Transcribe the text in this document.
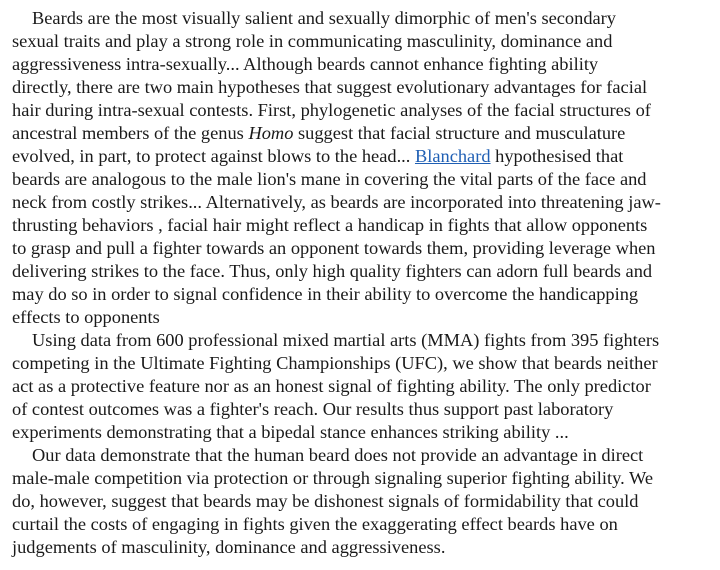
Beards are the most visually salient and sexually dimorphic of men's secondary
sexual traits and play a strong role in communicating masculinity, dominance and
aggressiveness intra-sexually... Although beards cannot enhance fighting ability
directly, there are two main hypotheses that suggest evolutionary advantages for facial
hair during intra-sexual contests. First, phylogenetic analyses of the facial structures of
ancestral members of the genus Homo suggest that facial structure and musculature
evolved, in part, to protect against blows to the head... Blanchard hypothesised that
beards are analogous to the male lion's mane in covering the vital parts of the face and
neck from costly strikes... Alternatively, as beards are incorporated into threatening jaw-
thrusting behaviors , facial hair might reflect a handicap in fights that allow opponents
to grasp and pull a fighter towards an opponent towards them, providing leverage when
delivering strikes to the face. Thus, only high quality fighters can adorn full beards and
may do so in order to signal confidence in their ability to overcome the handicapping
effects to opponents

Using data from 600 professional mixed martial arts (MMA) fights from 395 fighters
competing in the Ultimate Fighting Championships (UFC), we show that beards neither
act as a protective feature nor as an honest signal of fighting ability. The only predictor
of contest outcomes was a fighter's reach. Our results thus support past laboratory
experiments demonstrating that a bipedal stance enhances striking ability ...

Our data demonstrate that the human beard does not provide an advantage in direct
male-male competition via protection or through signaling superior fighting ability. We
do, however, suggest that beards may be dishonest signals of formidability that could
curtail the costs of engaging in fights given the exaggerating effect beards have on
judgements of masculinity, dominance and aggressiveness.
